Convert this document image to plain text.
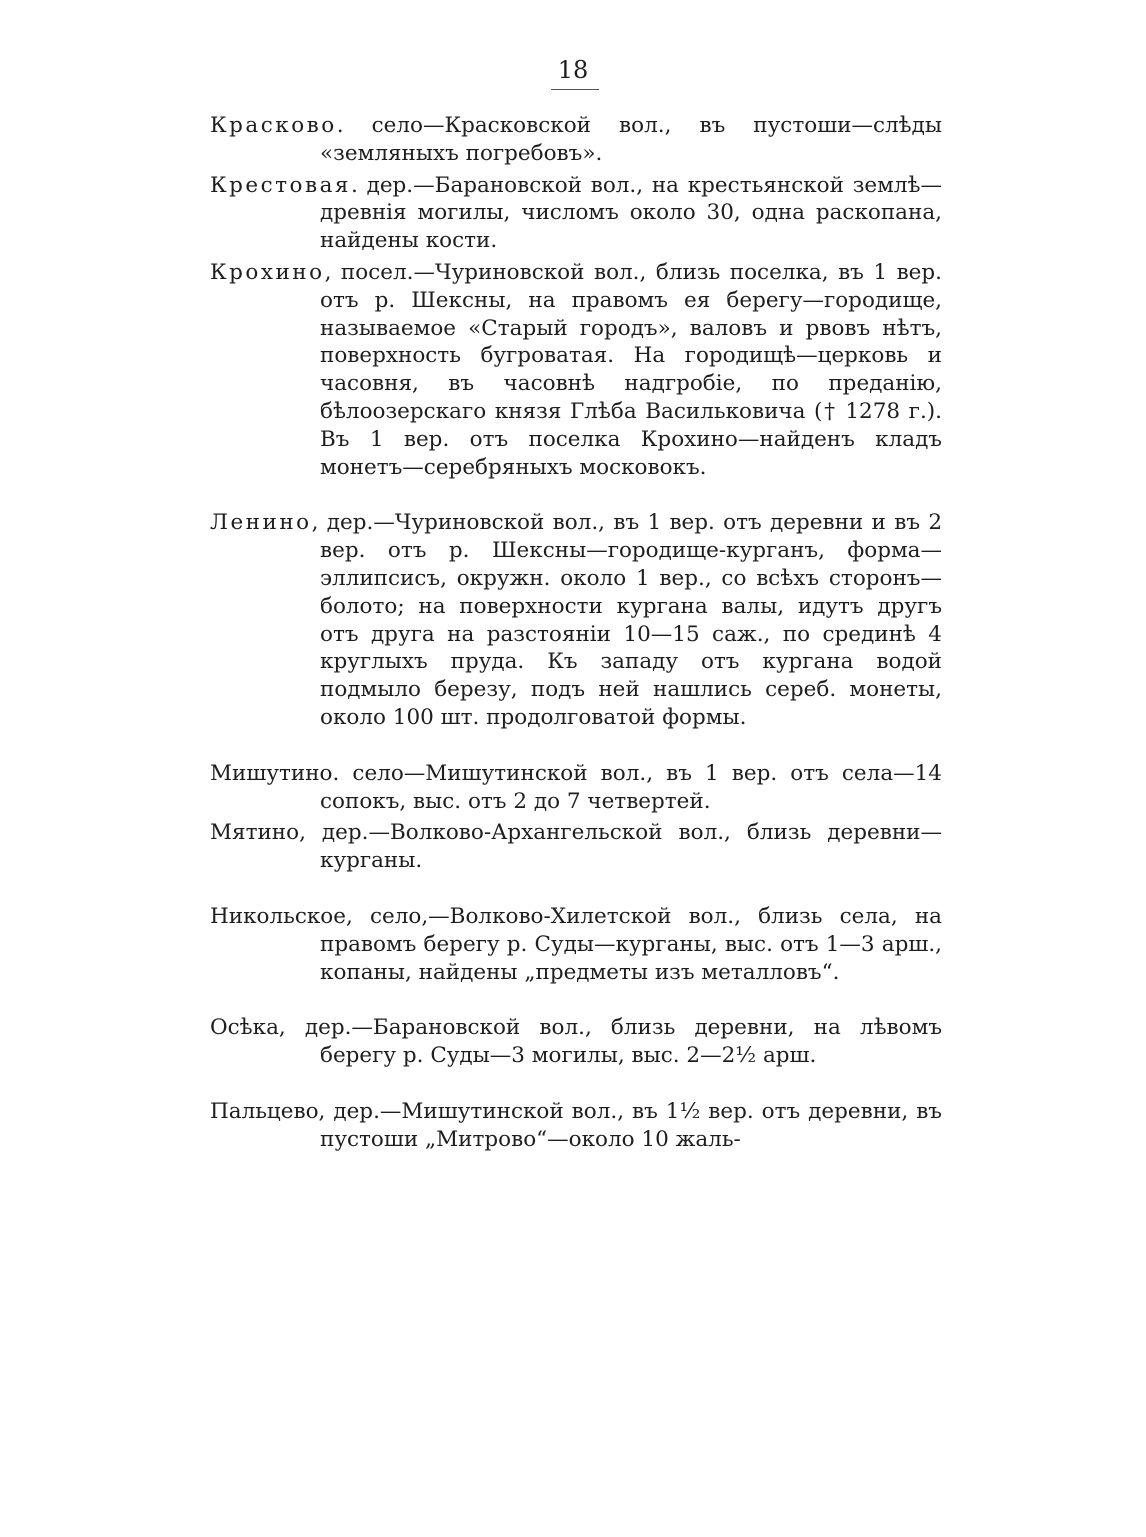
18

Красково. село—Красковской вол., въ пустоши—слѣды «земляныхъ погребовъ».

Крестовая. дер.—Барановской вол., на крестьянской землѣ—древнія могилы, числомъ около 30, одна раскопана, найдены кости.

Крохино, посел.—Чуриновской вол., близь поселка, въ 1 вер. отъ р. Шексны, на правомъ ея берегу—городище, называемое «Старый городъ», валовъ и рвовъ нѣтъ, поверхность бугроватая. На городищѣ—церковь и часовня, въ часовнѣ надгробіе, по преданію, бѣлоозерскаго князя Глѣба Васильковича († 1278 г.). Въ 1 вер. отъ поселка Крохино—найденъ кладъ монетъ—серебряныхъ московокъ.

Ленино, дер.—Чуриновской вол., въ 1 вер. отъ деревни и въ 2 вер. отъ р. Шексны—городище-курганъ, форма—эллипсисъ, окружн. около 1 вер., со всѣхъ сторонъ—болото; на поверхности кургана валы, идутъ другъ отъ друга на разстояніи 10—15 саж., по срединѣ 4 круглыхъ пруда. Къ западу отъ кургана водой подмыло березу, подъ ней нашлись сереб. монеты, около 100 шт. продолговатой формы.

Мишутино. село—Мишутинской вол., въ 1 вер. отъ села—14 сопокъ, выс. отъ 2 до 7 четвертей.

Мятино, дер.—Волково-Архангельской вол., близь деревни—курганы.

Никольское, село,—Волково-Хилетской вол., близь села, на правомъ берегу р. Суды—курганы, выс. отъ 1—3 арш., копаны, найдены „предметы изъ металловъ“.

Осѣка, дер.—Барановской вол., близь деревни, на лѣвомъ берегу р. Суды—3 могилы, выс. 2—2½ арш.

Пальцево, дер.—Мишутинской вол., въ 1½ вер. отъ деревни, въ пустоши „Митрово“—около 10 жаль-
